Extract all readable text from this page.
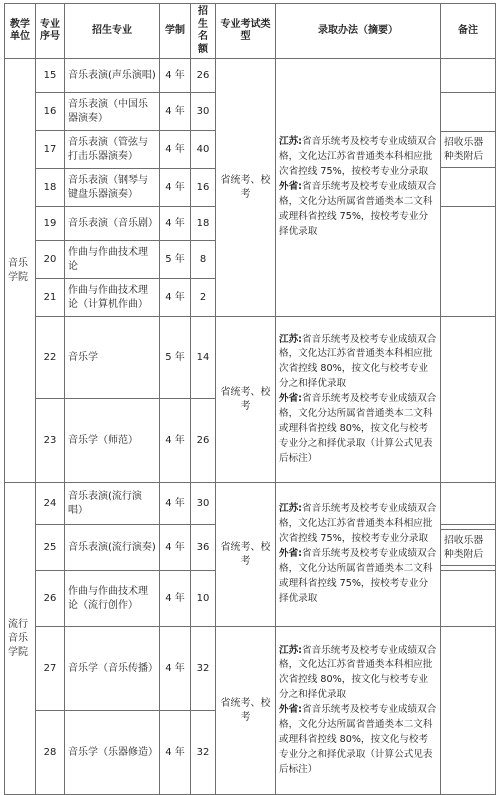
教学单位	专业序号	招生专业	学制	招生名额	专业考试类型	录取办法（摘要）	备注
音乐学院	15	音乐表演(声乐演唱)	4 年	26	省统考、校考	江苏:省音乐统考及校考专业成绩双合格，文化达江苏省普通类本科相应批次省控线 75%，按校考专业分录取
外省:省音乐统考及校考专业成绩双合格，文化分达所属省普通类本二文科或理科省控线 75%，按校考专业分择优录取	
	16	音乐表演（中国乐器演奏）	4 年	30			招收乐器种类附后

	17	音乐表演（管弦与打击乐器演奏）	4 年	40			
	18	音乐表演（钢琴与键盘乐器演奏）	4 年	16			
	19	音乐表演（音乐剧）	4 年	18			
	20	作曲与作曲技术理论	5 年	8			
	21	作曲与作曲技术理论（计算机作曲）	4 年	2			
	22	音乐学	5 年	14	省统考、校考	江苏:省音乐统考及校考专业成绩双合格，文化达江苏省普通类本科相应批次省控线 80%，按文化与校考专业分之和择优录取
外省:省音乐统考及校考专业成绩双合格，文化分达所属省普通类本二文科或理科省控线 80%，按文化与校考专业分之和择优录取（计算公式见表后标注）	
	23	音乐学（师范）	4 年	26			
流行音乐学院	24	音乐表演(流行演唱）	4 年	30	省统考、校考	江苏:省音乐统考及校考专业成绩双合格，文化达江苏省普通类本科相应批次省控线 75%，按校考专业分录取
外省:省音乐统考及校考专业成绩双合格，文化分达所属省普通类本二文科或理科省控线 75%，按校考专业分择优录取	
	25	音乐表演(流行演奏)	4 年	36			招收乐器种类附后

	26	作曲与作曲技术理论（流行创作）	4 年	10			
	27	音乐学（音乐传播）	4 年	32	省统考、校考	江苏:省音乐统考及校考专业成绩双合格，文化达江苏省普通类本科相应批次省控线 80%，按文化与校考专业分之和择优录取
外省:省音乐统考及校考专业成绩双合格，文化分达所属省普通类本二文科或理科省控线 80%，按文化与校考专业分之和择优录取（计算公式见表后标注）	
	28	音乐学（乐器修造）	4 年	32			
